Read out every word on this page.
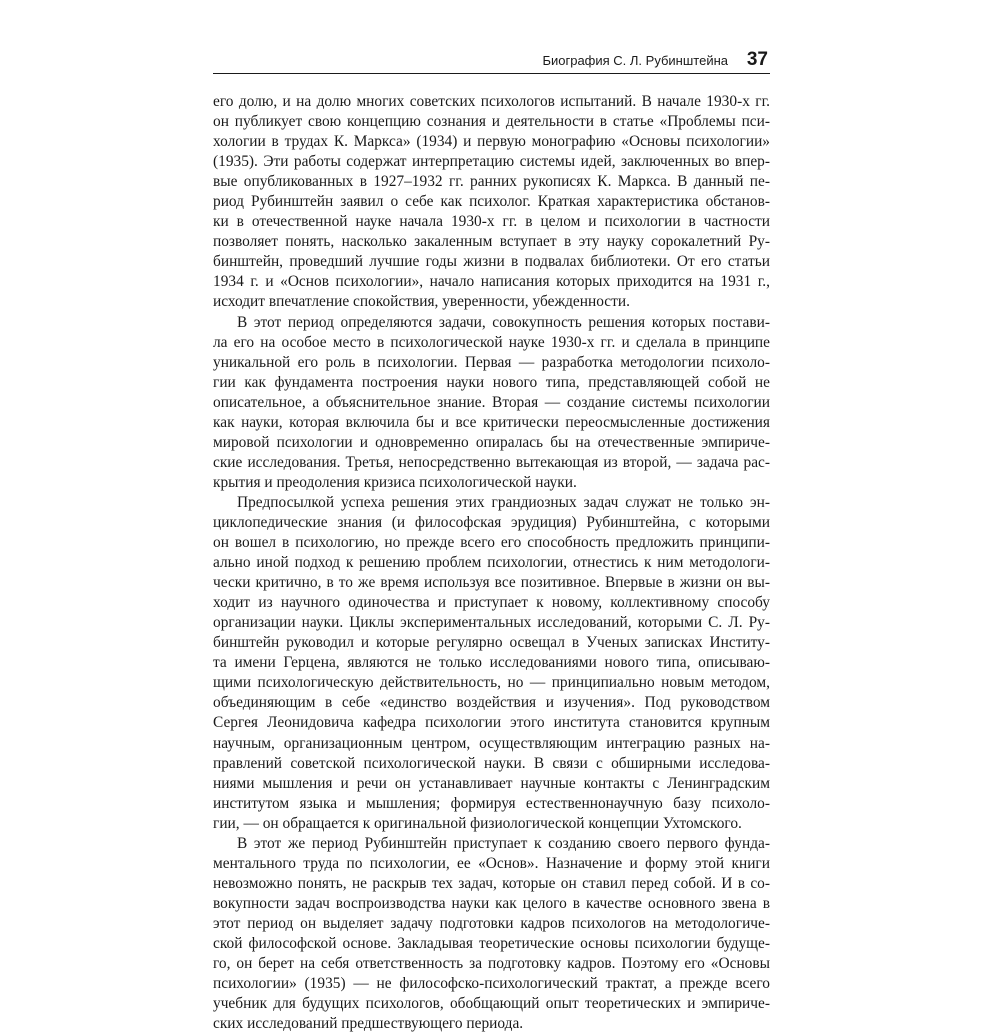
Биография С. Л. Рубинштейна 37
его долю, и на долю многих советских психологов испытаний. В начале 1930-х гг.
он публикует свою концепцию сознания и деятельности в статье «Проблемы пси-
хологии в трудах К. Маркса» (1934) и первую монографию «Основы психологии»
(1935). Эти работы содержат интерпретацию системы идей, заключенных во впер-
вые опубликованных в 1927–1932 гг. ранних рукописях К. Маркса. В данный пе-
риод Рубинштейн заявил о себе как психолог. Краткая характеристика обстанов-
ки в отечественной науке начала 1930-х гг. в целом и психологии в частности
позволяет понять, насколько закаленным вступает в эту науку сорокалетний Ру-
бинштейн, проведший лучшие годы жизни в подвалах библиотеки. От его статьи
1934 г. и «Основ психологии», начало написания которых приходится на 1931 г.,
исходит впечатление спокойствия, уверенности, убежденности.
В этот период определяются задачи, совокупность решения которых постави-
ла его на особое место в психологической науке 1930-х гг. и сделала в принципе
уникальной его роль в психологии. Первая — разработка методологии психоло-
гии как фундамента построения науки нового типа, представляющей собой не
описательное, а объяснительное знание. Вторая — создание системы психологии
как науки, которая включила бы и все критически переосмысленные достижения
мировой психологии и одновременно опиралась бы на отечественные эмпириче-
ские исследования. Третья, непосредственно вытекающая из второй, — задача рас-
крытия и преодоления кризиса психологической науки.
Предпосылкой успеха решения этих грандиозных задач служат не только эн-
циклопедические знания (и философская эрудиция) Рубинштейна, с которыми
он вошел в психологию, но прежде всего его способность предложить принципи-
ально иной подход к решению проблем психологии, отнестись к ним методологи-
чески критично, в то же время используя все позитивное. Впервые в жизни он вы-
ходит из научного одиночества и приступает к новому, коллективному способу
организации науки. Циклы экспериментальных исследований, которыми С. Л. Ру-
бинштейн руководил и которые регулярно освещал в Ученых записках Институ-
та имени Герцена, являются не только исследованиями нового типа, описываю-
щими психологическую действительность, но — принципиально новым методом,
объединяющим в себе «единство воздействия и изучения». Под руководством
Сергея Леонидовича кафедра психологии этого института становится крупным
научным, организационным центром, осуществляющим интеграцию разных на-
правлений советской психологической науки. В связи с обширными исследова-
ниями мышления и речи он устанавливает научные контакты с Ленинградским
институтом языка и мышления; формируя естественнонаучную базу психоло-
гии, — он обращается к оригинальной физиологической концепции Ухтомского.
В этот же период Рубинштейн приступает к созданию своего первого фунда-
ментального труда по психологии, ее «Основ». Назначение и форму этой книги
невозможно понять, не раскрыв тех задач, которые он ставил перед собой. И в со-
вокупности задач воспроизводства науки как целого в качестве основного звена в
этот период он выделяет задачу подготовки кадров психологов на методологиче-
ской философской основе. Закладывая теоретические основы психологии будуще-
го, он берет на себя ответственность за подготовку кадров. Поэтому его «Основы
психологии» (1935) — не философско-психологический трактат, а прежде всего
учебник для будущих психологов, обобщающий опыт теоретических и эмпириче-
ских исследований предшествующего периода.
